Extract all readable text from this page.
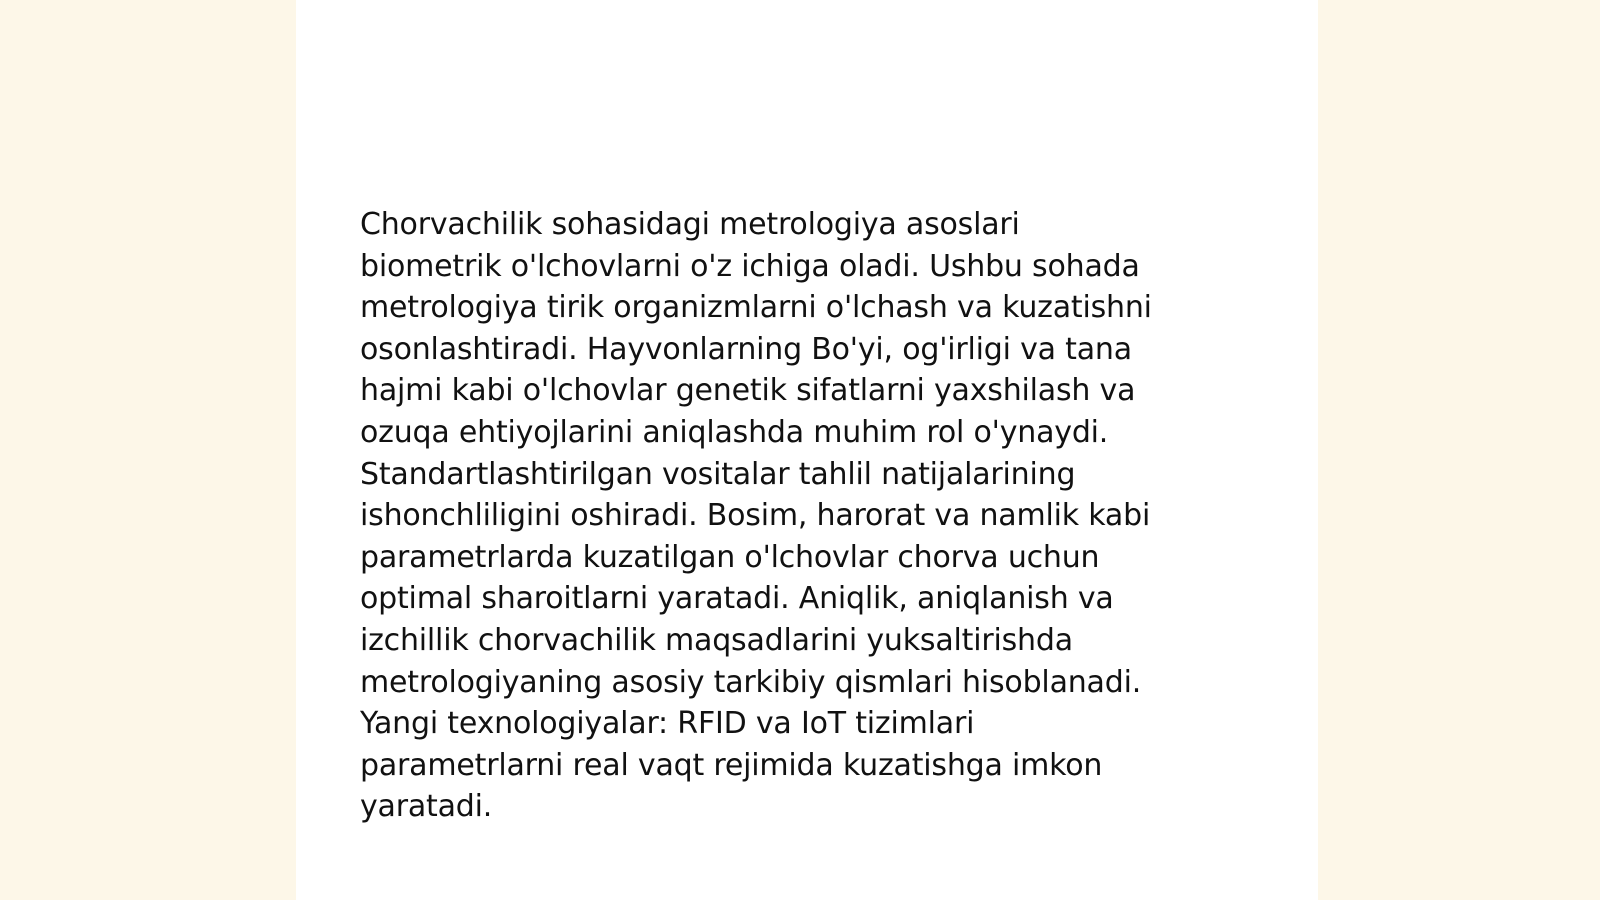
Chorvachilik sohasidagi metrologiya asoslari
biometrik o'lchovlarni o'z ichiga oladi. Ushbu sohada
metrologiya tirik organizmlarni o'lchash va kuzatishni
osonlashtiradi. Hayvonlarning Bo'yi, og'irligi va tana
hajmi kabi o'lchovlar genetik sifatlarni yaxshilash va
ozuqa ehtiyojlarini aniqlashda muhim rol o'ynaydi.
Standartlashtirilgan vositalar tahlil natijalarining
ishonchliligini oshiradi. Bosim, harorat va namlik kabi
parametrlarda kuzatilgan o'lchovlar chorva uchun
optimal sharoitlarni yaratadi. Aniqlik, aniqlanish va
izchillik chorvachilik maqsadlarini yuksaltirishda
metrologiyaning asosiy tarkibiy qismlari hisoblanadi.
Yangi texnologiyalar: RFID va IoT tizimlari
parametrlarni real vaqt rejimida kuzatishga imkon
yaratadi.
